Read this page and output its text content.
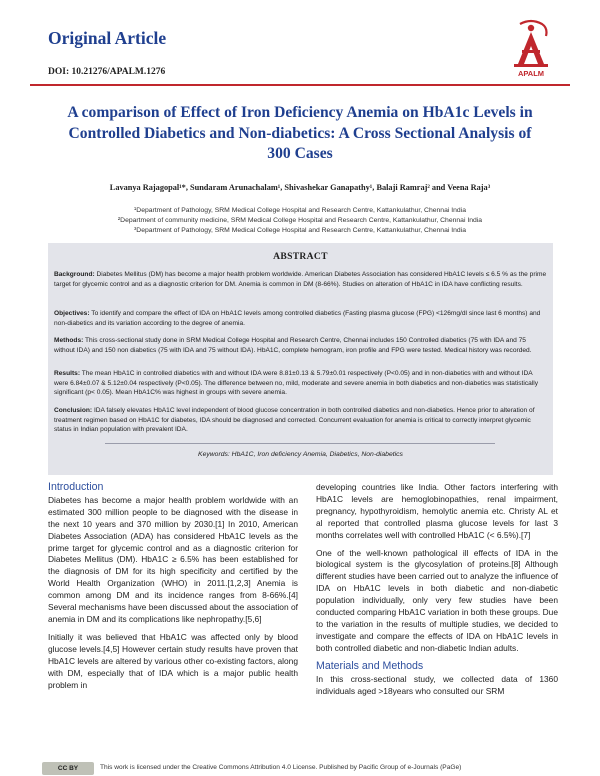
Original Article
DOI: 10.21276/APALM.1276	APALM
A comparison of Effect of Iron Deficiency Anemia on HbA1c Levels in Controlled Diabetics and Non-diabetics: A Cross Sectional Analysis of 300 Cases
Lavanya Rajagopal¹*, Sundaram Arunachalam¹, Shivashekar Ganapathy¹, Balaji Ramraj² and Veena Raja³
¹Department of Pathology, SRM Medical College Hospital and Research Centre, Kattankulathur, Chennai India
²Department of community medicine, SRM Medical College Hospital and Research Centre, Kattankulathur, Chennai India
³Department of Pathology, SRM Medical College Hospital and Research Centre, Kattankulathur, Chennai India
ABSTRACT
Background: Diabetes Mellitus (DM) has become a major health problem worldwide. American Diabetes Association has considered HbA1C levels ≤ 6.5 % as the prime target for glycemic control and as a diagnostic criterion for DM. Anemia is common in DM (8-66%). Studies on alteration of HbA1C in IDA have conflicting results.
Objectives: To identify and compare the effect of IDA on HbA1C levels among controlled diabetics (Fasting plasma glucose (FPG) <126mg/dl since last 6 months) and non-diabetics and its variation according to the degree of anemia.
Methods: This cross-sectional study done in SRM Medical College Hospital and Research Centre, Chennai includes 150 Controlled diabetics (75 with IDA and 75 without IDA) and 150 non diabetics (75 with IDA and 75 without IDA). HbA1C, complete hemogram, iron profile and FPG were tested. Medical history was recorded.
Results: The mean HbA1C in controlled diabetics with and without IDA were 8.81±0.13 & 5.79±0.01 respectively (P<0.05) and in non-diabetics with and without IDA were 6.84±0.07 & 5.12±0.04 respectively (P<0.05). The difference between no, mild, moderate and severe anemia in both diabetics and non-diabetics was statistically significant (p< 0.05). Mean HbA1C% was highest in groups with severe anemia.
Conclusion: IDA falsely elevates HbA1C level independent of blood glucose concentration in both controlled diabetics and non-diabetics. Hence prior to alteration of treatment regimen based on HbA1C for diabetes, IDA should be diagnosed and corrected. Concurrent evaluation for anemia is critical to correctly interpret glycemic status in Indian population with prevalent IDA.
Keywords: HbA1C, Iron deficiency Anemia, Diabetics, Non-diabetics
Introduction

Diabetes has become a major health problem worldwide with an estimated 300 million people to be diagnosed with the disease in the next 10 years and 370 million by 2030.[1] In 2010, American Diabetes Association (ADA) has considered HbA1C levels as the prime target for glycemic control and as a diagnostic criterion for Diabetes Mellitus (DM). HbA1C ≥ 6.5% has been established for the diagnosis of DM for its high specificity and certified by the World Health Organization (WHO) in 2011.[1,2,3] Anemia is common among DM and its incidence ranges from 8-66%.[4] Several mechanisms have been discussed about the association of anemia in DM and its complications like nephropathy.[5,6]

Initially it was believed that HbA1C was affected only by blood glucose levels.[4,5] However certain study results have proven that HbA1C levels are altered by various other co-existing factors, along with DM, especially that of IDA which is a major public health problem in

developing countries like India. Other factors interfering with HbA1C levels are hemoglobinopathies, renal impairment, pregnancy, hypothyroidism, hemolytic anemia etc. Christy AL et al reported that controlled plasma glucose levels for last 3 months correlates well with controlled HbA1C (< 6.5%).[7]

One of the well-known pathological ill effects of IDA in the biological system is the glycosylation of proteins.[8] Although different studies have been carried out to analyze the influence of IDA on HbA1C levels in both diabetic and non-diabetic population individually, only very few studies have been conducted comparing HbA1C variation in both these groups. Due to the variation in the results of multiple studies, we decided to investigate and compare the effects of IDA on HbA1C levels in both controlled diabetic and non-diabetic Indian adults.

Materials and Methods

In this cross-sectional study, we collected data of 1360 individuals aged >18years who consulted our SRM

CC BY	This work is licensed under the Creative Commons Attribution 4.0 License. Published by Pacific Group of e-Journals (PaGe)
